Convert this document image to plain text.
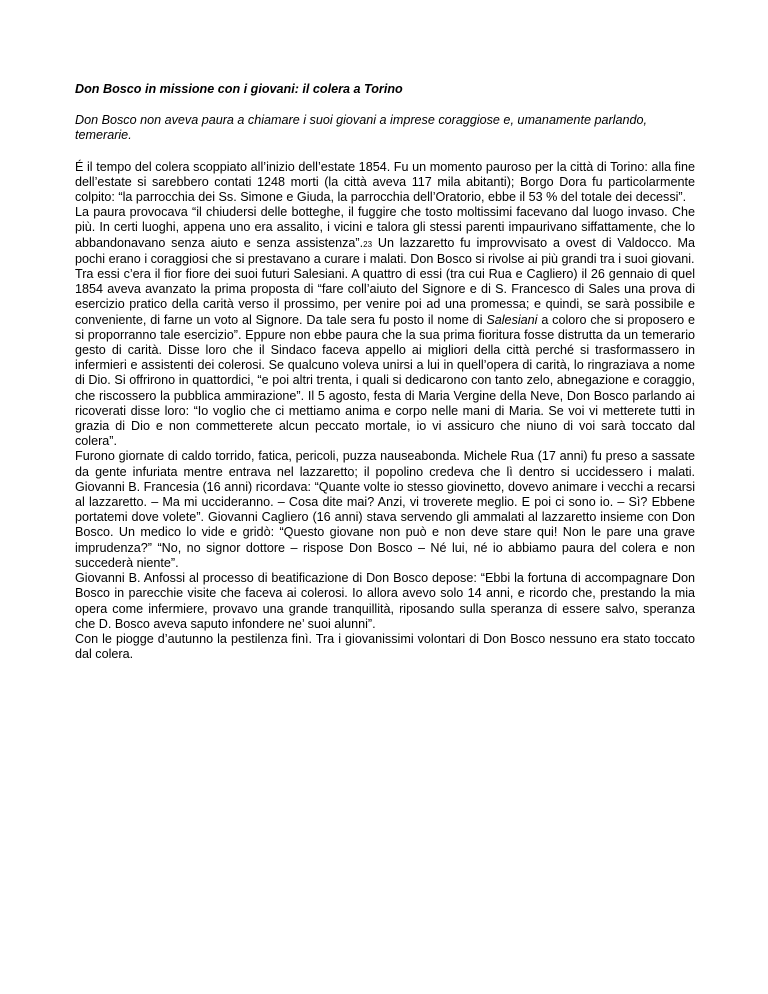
Don Bosco in missione con i giovani: il colera a Torino

Don Bosco non aveva paura a chiamare i suoi giovani a imprese coraggiose e, umanamente parlando, temerarie.

É il tempo del colera scoppiato all’inizio dell’estate 1854. Fu un momento pauroso per la città di Torino: alla fine dell’estate si sarebbero contati 1248 morti (la città aveva 117 mila abitanti); Borgo Dora fu particolarmente colpito: “la parrocchia dei Ss. Simone e Giuda, la parrocchia dell’Oratorio, ebbe il 53 % del totale dei decessi”.

La paura provocava “il chiudersi delle botteghe, il fuggire che tosto moltissimi facevano dal luogo invaso. Che più. In certi luoghi, appena uno era assalito, i vicini e talora gli stessi parenti impaurivano siffattamente, che lo abbandonavano senza aiuto e senza assistenza”.23 Un lazzaretto fu improvvisato a ovest di Valdocco. Ma pochi erano i coraggiosi che si prestavano a curare i malati. Don Bosco si rivolse ai più grandi tra i suoi giovani.

Tra essi c’era il fior fiore dei suoi futuri Salesiani. A quattro di essi (tra cui Rua e Cagliero) il 26 gennaio di quel 1854 aveva avanzato la prima proposta di “fare coll’aiuto del Signore e di S. Francesco di Sales una prova di esercizio pratico della carità verso il prossimo, per venire poi ad una promessa; e quindi, se sarà possibile e conveniente, di farne un voto al Signore. Da tale sera fu posto il nome di Salesiani a coloro che si proposero e si proporranno tale esercizio”. Eppure non ebbe paura che la sua prima fioritura fosse distrutta da un temerario gesto di carità. Disse loro che il Sindaco faceva appello ai migliori della città perché si trasformassero in infermieri e assistenti dei colerosi. Se qualcuno voleva unirsi a lui in quell’opera di carità, lo ringraziava a nome di Dio. Si offrirono in quattordici, “e poi altri trenta, i quali si dedicarono con tanto zelo, abnegazione e coraggio, che riscossero la pubblica ammirazione”. Il 5 agosto, festa di Maria Vergine della Neve, Don Bosco parlando ai ricoverati disse loro: “Io voglio che ci mettiamo anima e corpo nelle mani di Maria. Se voi vi metterete tutti in grazia di Dio e non commetterete alcun peccato mortale, io vi assicuro che niuno di voi sarà toccato dal colera”.

Furono giornate di caldo torrido, fatica, pericoli, puzza nauseabonda. Michele Rua (17 anni) fu preso a sassate da gente infuriata mentre entrava nel lazzaretto; il popolino credeva che lì dentro si uccidessero i malati. Giovanni B. Francesia (16 anni) ricordava: “Quante volte io stesso giovinetto, dovevo animare i vecchi a recarsi al lazzaretto. – Ma mi uccideranno. – Cosa dite mai? Anzi, vi troverete meglio. E poi ci sono io. – Sì? Ebbene portatemi dove volete”. Giovanni Cagliero (16 anni) stava servendo gli ammalati al lazzaretto insieme con Don Bosco. Un medico lo vide e gridò: “Questo giovane non può e non deve stare qui! Non le pare una grave imprudenza?” “No, no signor dottore – rispose Don Bosco – Né lui, né io abbiamo paura del colera e non succederà niente”.

Giovanni B. Anfossi al processo di beatificazione di Don Bosco depose: “Ebbi la fortuna di accompagnare Don Bosco in parecchie visite che faceva ai colerosi. Io allora avevo solo 14 anni, e ricordo che, prestando la mia opera come infermiere, provavo una grande tranquillità, riposando sulla speranza di essere salvo, speranza che D. Bosco aveva saputo infondere ne’ suoi alunni”.

Con le piogge d’autunno la pestilenza finì. Tra i giovanissimi volontari di Don Bosco nessuno era stato toccato dal colera.
